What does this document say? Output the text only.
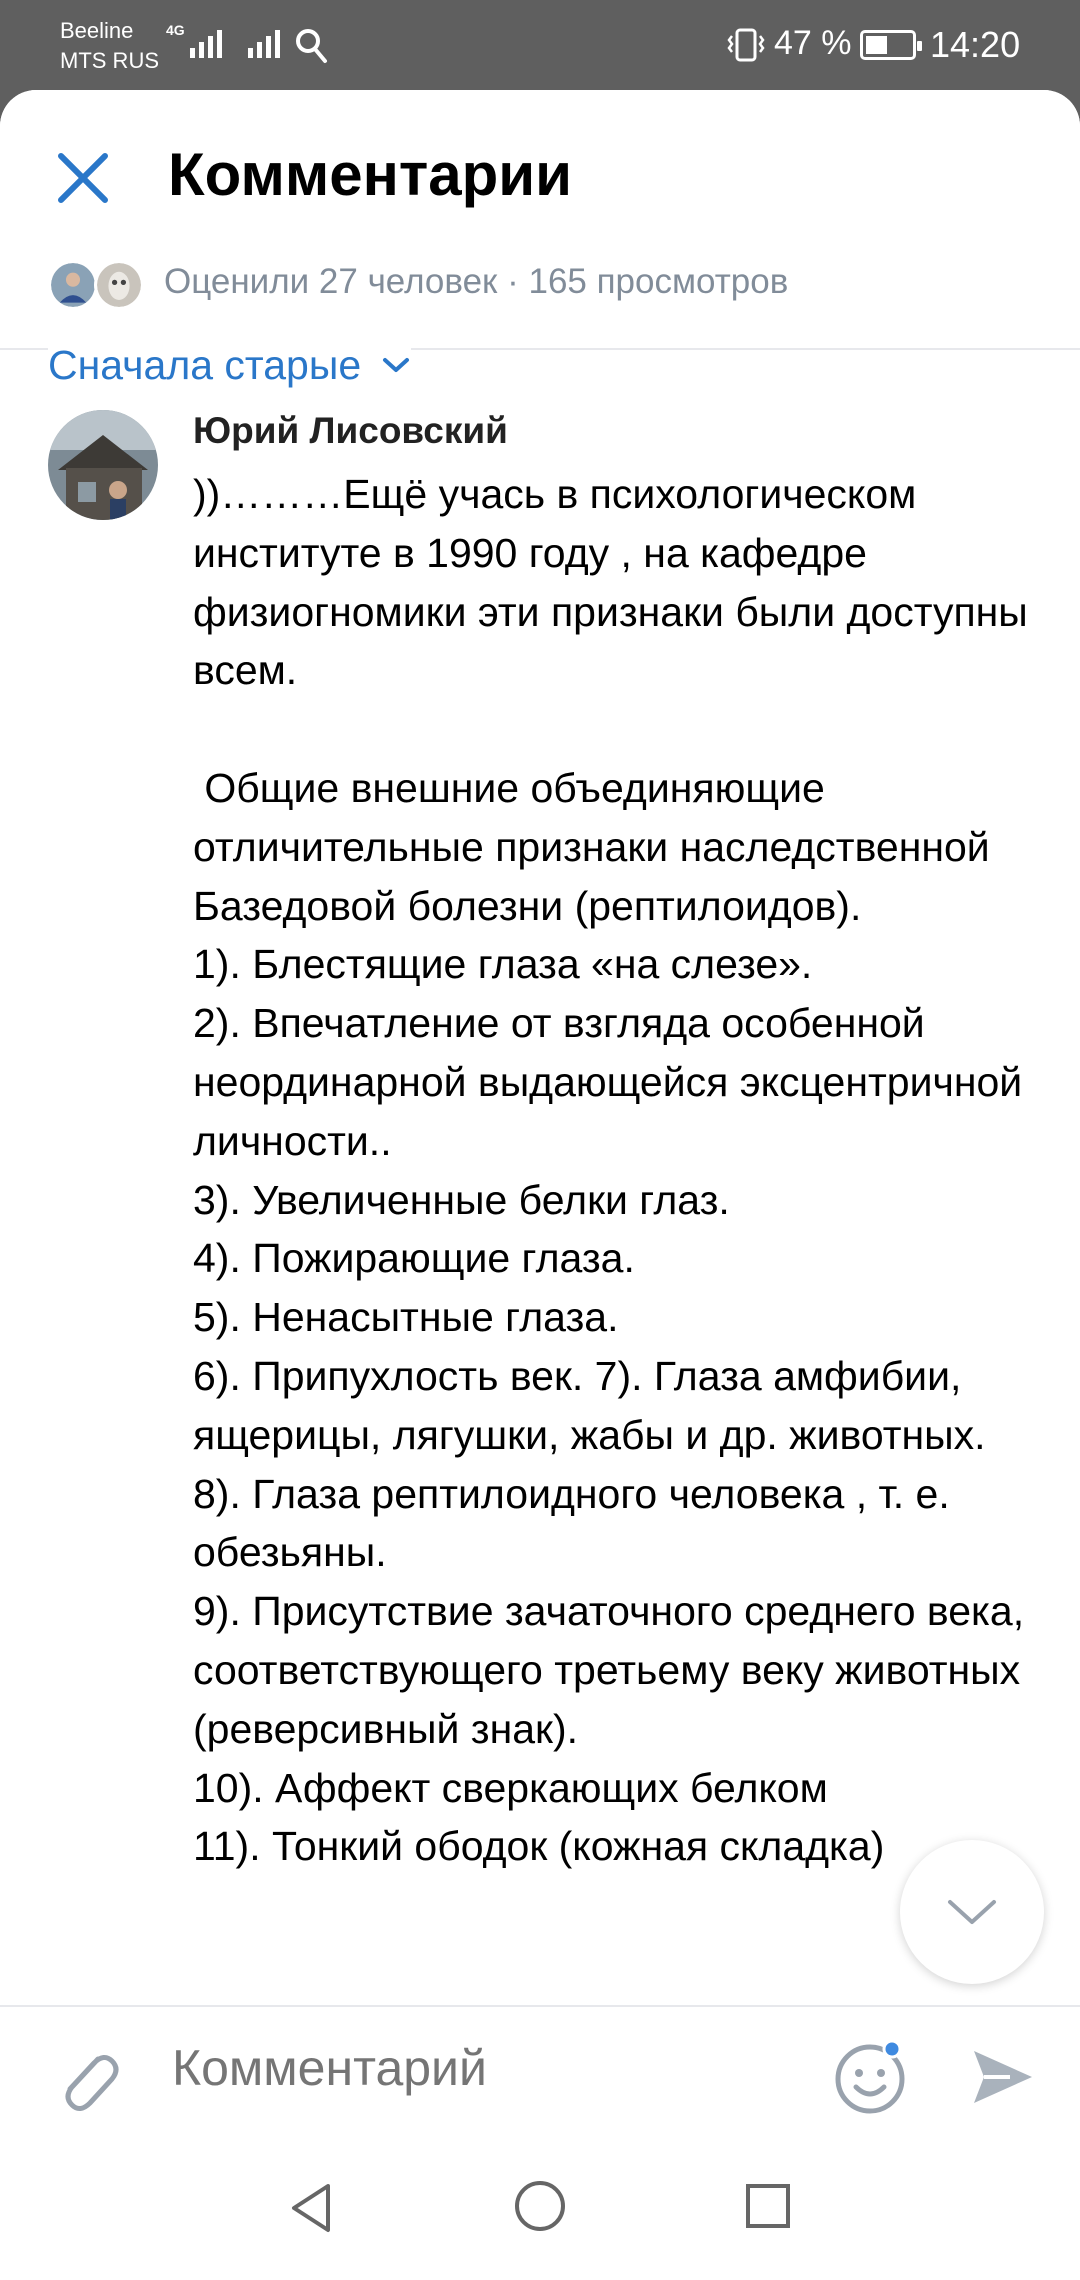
Beeline
MTS RUS
4G	47 % 14:20
Комментарии
Оценили 27 человек · 165 просмотров
Сначала старые
Юрий Лисовский
))………Ещё учась в психологическом институте в 1990 году , на кафедре физиогномики эти признаки были доступны всем.

Общие внешние объединяющие отличительные признаки наследственной Базедовой болезни (рептилоидов).
1). Блестящие глаза «на слезе».
2). Впечатление от взгляда особенной неординарной выдающейся эксцентричной личности..
3). Увеличенные белки глаз.
4). Пожирающие глаза.
5). Ненасытные глаза.
6). Припухлость век. 7). Глаза амфибии, ящерицы, лягушки, жабы и др. животных.
8). Глаза рептилоидного человека , т. е. обезьяны.
9). Присутствие зачаточного среднего века, соответствующего третьему веку животных (реверсивный знак).
10). Аффект сверкающих белком
11). Тонкий ободок (кожная складка)
Комментарий
